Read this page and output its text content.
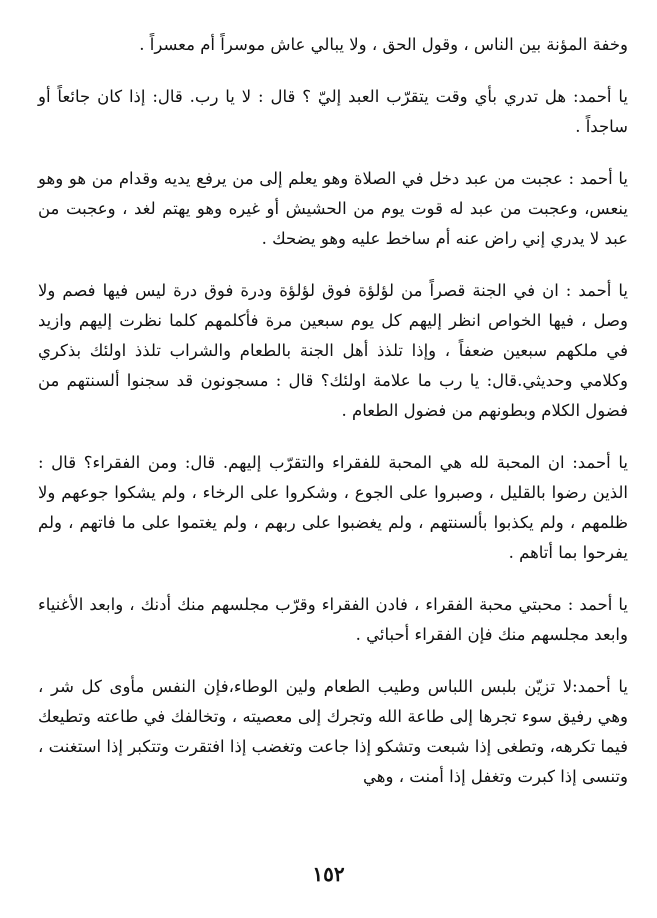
وخفة المؤنة بين الناس ، وقول الحق ، ولا يبالي عاش موسراً أم معسراً .

يا أحمد: هل تدري بأي وقت يتقرّب العبد إليّ ؟ قال : لا يا رب. قال: إذا كان جائعاً أو ساجداً .

يا أحمد : عجبت من عبد دخل في الصلاة وهو يعلم إلى من يرفع يديه وقدام من هو وهو ينعس، وعجبت من عبد له قوت يوم من الحشيش أو غيره وهو يهتم لغد ، وعجبت من عبد لا يدري إني راض عنه أم ساخط عليه وهو يضحك .

يا أحمد : ان في الجنة قصراً من لؤلؤة فوق لؤلؤة ودرة فوق درة ليس فيها فصم ولا وصل ، فيها الخواص انظر إليهم كل يوم سبعين مرة فأكلمهم كلما نظرت إليهم وازيد في ملكهم سبعين ضعفاً ، وإذا تلذذ أهل الجنة بالطعام والشراب تلذذ اولئك بذكري وكلامي وحديثي.قال: يا رب ما علامة اولئك؟ قال : مسجونون قد سجنوا ألسنتهم من فضول الكلام وبطونهم من فضول الطعام .

يا أحمد: ان المحبة لله هي المحبة للفقراء والتقرّب إليهم. قال: ومن الفقراء؟ قال : الذين رضوا بالقليل ، وصبروا على الجوع ، وشكروا على الرخاء ، ولم يشكوا جوعهم ولا ظلمهم ، ولم يكذبوا بألسنتهم ، ولم يغضبوا على ربهم ، ولم يغتموا على ما فاتهم ، ولم يفرحوا بما أتاهم .

يا أحمد : محبتي محبة الفقراء ، فادن الفقراء وقرّب مجلسهم منك أدنك ، وابعد الأغنياء وابعد مجلسهم منك فإن الفقراء أحبائي .

يا أحمد:لا تزيّن بلبس اللباس وطيب الطعام ولين الوطاء،فإن النفس مأوى كل شر ، وهي رفيق سوء تجرها إلى طاعة الله وتجرك إلى معصيته ، وتخالفك في طاعته وتطيعك فيما تكرهه، وتطغى إذا شبعت وتشكو إذا جاعت وتغضب إذا افتقرت وتتكبر إذا استغنت ، وتنسى إذا كبرت وتغفل إذا أمنت ، وهي

١٥٢
